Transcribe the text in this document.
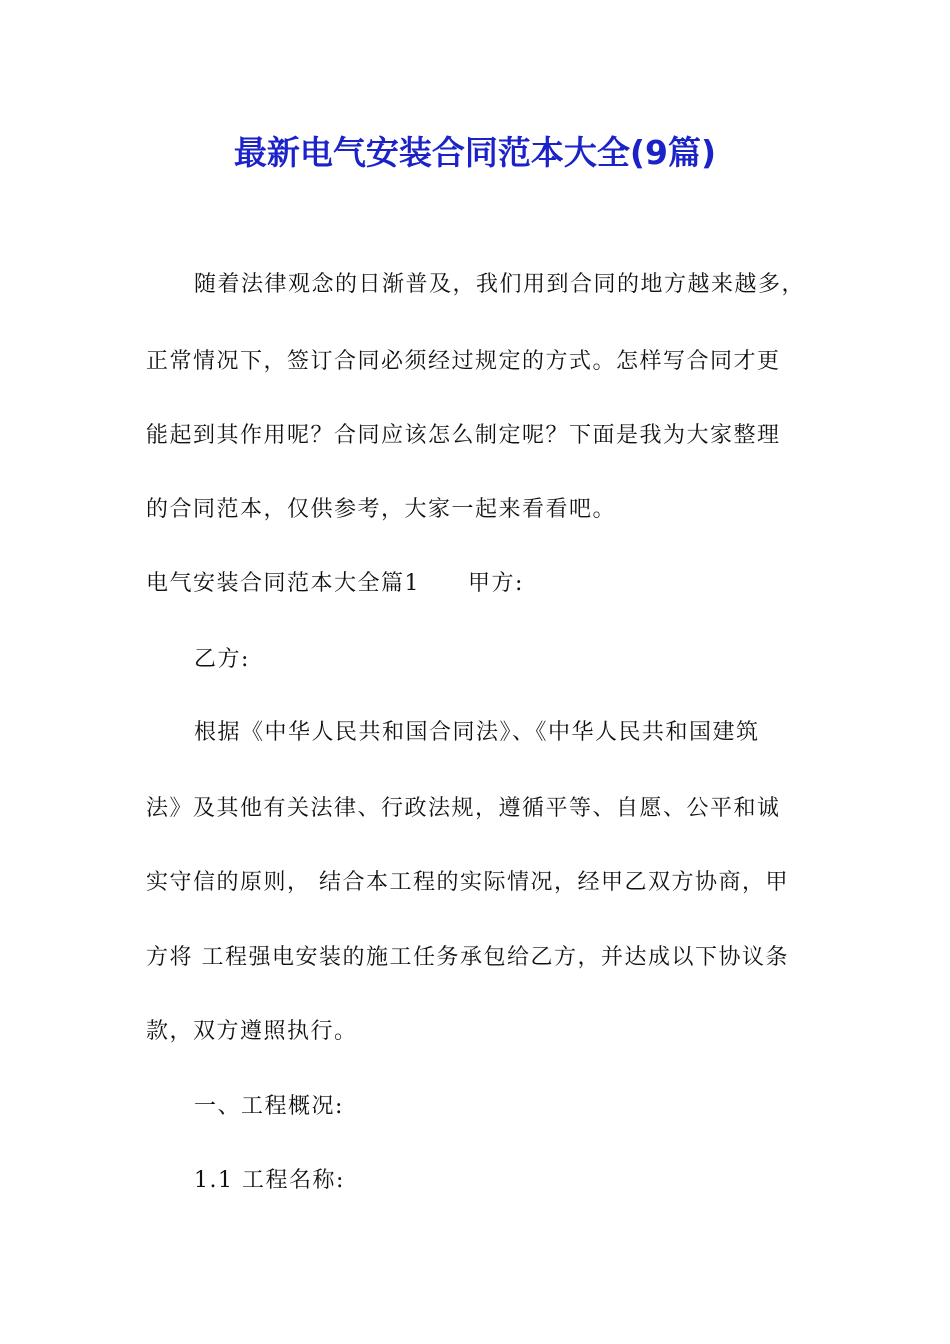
最新电气安装合同范本大全(9篇)

随着法律观念的日渐普及，我们用到合同的地方越来越多，

正常情况下，签订合同必须经过规定的方式。怎样写合同才更

能起到其作用呢？合同应该怎么制定呢？下面是我为大家整理

的合同范本，仅供参考，大家一起来看看吧。

电气安装合同范本大全篇1 甲方:

乙方:

根据《中华人民共和国合同法》、《中华人民共和国建筑

法》及其他有关法律、行政法规，遵循平等、自愿、公平和诚

实守信的原则， 结合本工程的实际情况，经甲乙双方协商，甲

方将 工程强电安装的施工任务承包给乙方，并达成以下协议条

款，双方遵照执行。

一、工程概况:

1.1 工程名称:
